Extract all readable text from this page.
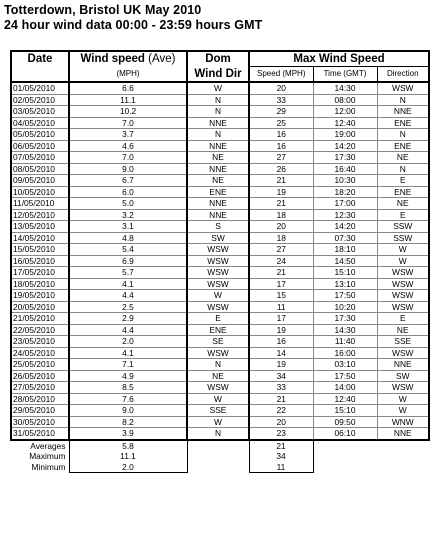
Totterdown, Bristol UK May 2010
24 hour wind data 00:00 - 23:59 hours GMT
Date	Wind speed (Ave)	Dom	Max Wind Speed		
	(MPH)	Wind Dir	Speed (MPH)	Time (GMT)	Direction
01/05/2010	6.6	W	20	14:30	WSW
02/05/2010	11.1	N	33	08:00	N
03/05/2010	10.2	N	29	12:00	NNE
04/05/2010	7.0	NNE	25	12:40	ENE
05/05/2010	3.7	N	16	19:00	N
06/05/2010	4.6	NNE	16	14:20	ENE
07/05/2010	7.0	NE	27	17:30	NE
08/05/2010	9.0	NNE	26	16:40	N
09/05/2010	6.7	NE	21	10:30	E
10/05/2010	6.0	ENE	19	18:20	ENE
11/05/2010	5.0	NNE	21	17:00	NE
12/05/2010	3.2	NNE	18	12:30	E
13/05/2010	3.1	S	20	14:20	SSW
14/05/2010	4.8	SW	18	07:30	SSW
15/05/2010	5.4	WSW	27	18:10	W
16/05/2010	6.9	WSW	24	14:50	W
17/05/2010	5.7	WSW	21	15:10	WSW
18/05/2010	4.1	WSW	17	13:10	WSW
19/05/2010	4.4	W	15	17:50	WSW
20/05/2010	2.5	WSW	11	10:20	WSW
21/05/2010	2.9	E	17	17:30	E
22/05/2010	4.4	ENE	19	14:30	NE
23/05/2010	2.0	SE	16	11:40	SSE
24/05/2010	4.1	WSW	14	16:00	WSW
25/05/2010	7.1	N	19	03:10	NNE
26/05/2010	4.9	NE	34	17:50	SW
27/05/2010	8.5	WSW	33	14:00	WSW
28/05/2010	7.6	W	21	12:40	W
29/05/2010	9.0	SSE	22	15:10	W
30/05/2010	8.2	W	20	09:50	WNW
31/05/2010	3.9	N	23	06:10	NNE
Averages	5.8		21		
Maximum	11.1		34		
Minimum	2.0		11		
